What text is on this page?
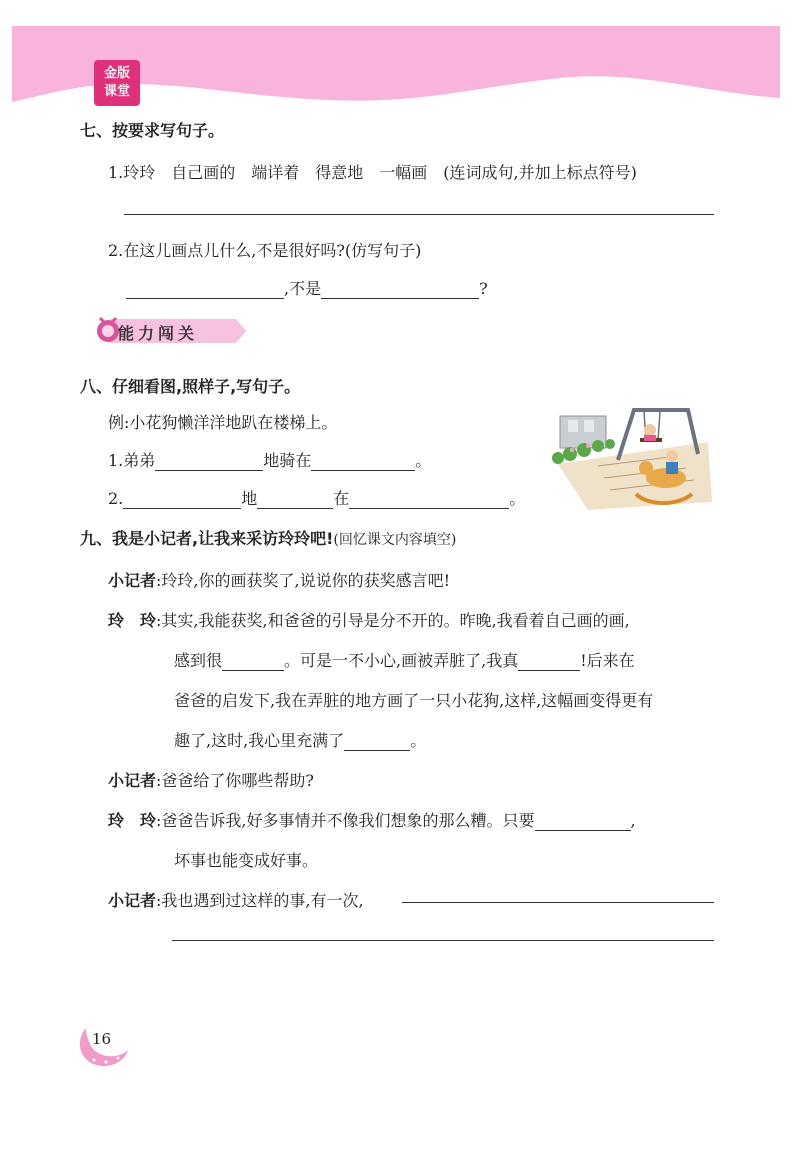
金版
课堂
七、按要求写句子。
1.玲玲　自己画的　端详着　得意地　一幅画　(连词成句,并加上标点符号)
2.在这儿画点儿什么,不是很好吗?(仿写句子)
,不是	?
能力闯关
八、仔细看图,照样子,写句子。
例:小花狗懒洋洋地趴在楼梯上。
1.弟弟	地骑在	。
2.	地	在	。
九、我是小记者,让我来采访玲玲吧!(回忆课文内容填空)
小记者:玲玲,你的画获奖了,说说你的获奖感言吧!
玲　玲:其实,我能获奖,和爸爸的引导是分不开的。昨晚,我看着自己画的画,
感到很	。可是一不小心,画被弄脏了,我真	!后来在
爸爸的启发下,我在弄脏的地方画了一只小花狗,这样,这幅画变得更有
趣了,这时,我心里充满了	。
小记者:爸爸给了你哪些帮助?
玲　玲:爸爸告诉我,好多事情并不像我们想象的那么糟。只要	,
坏事也能变成好事。
小记者:我也遇到过这样的事,有一次,
16
